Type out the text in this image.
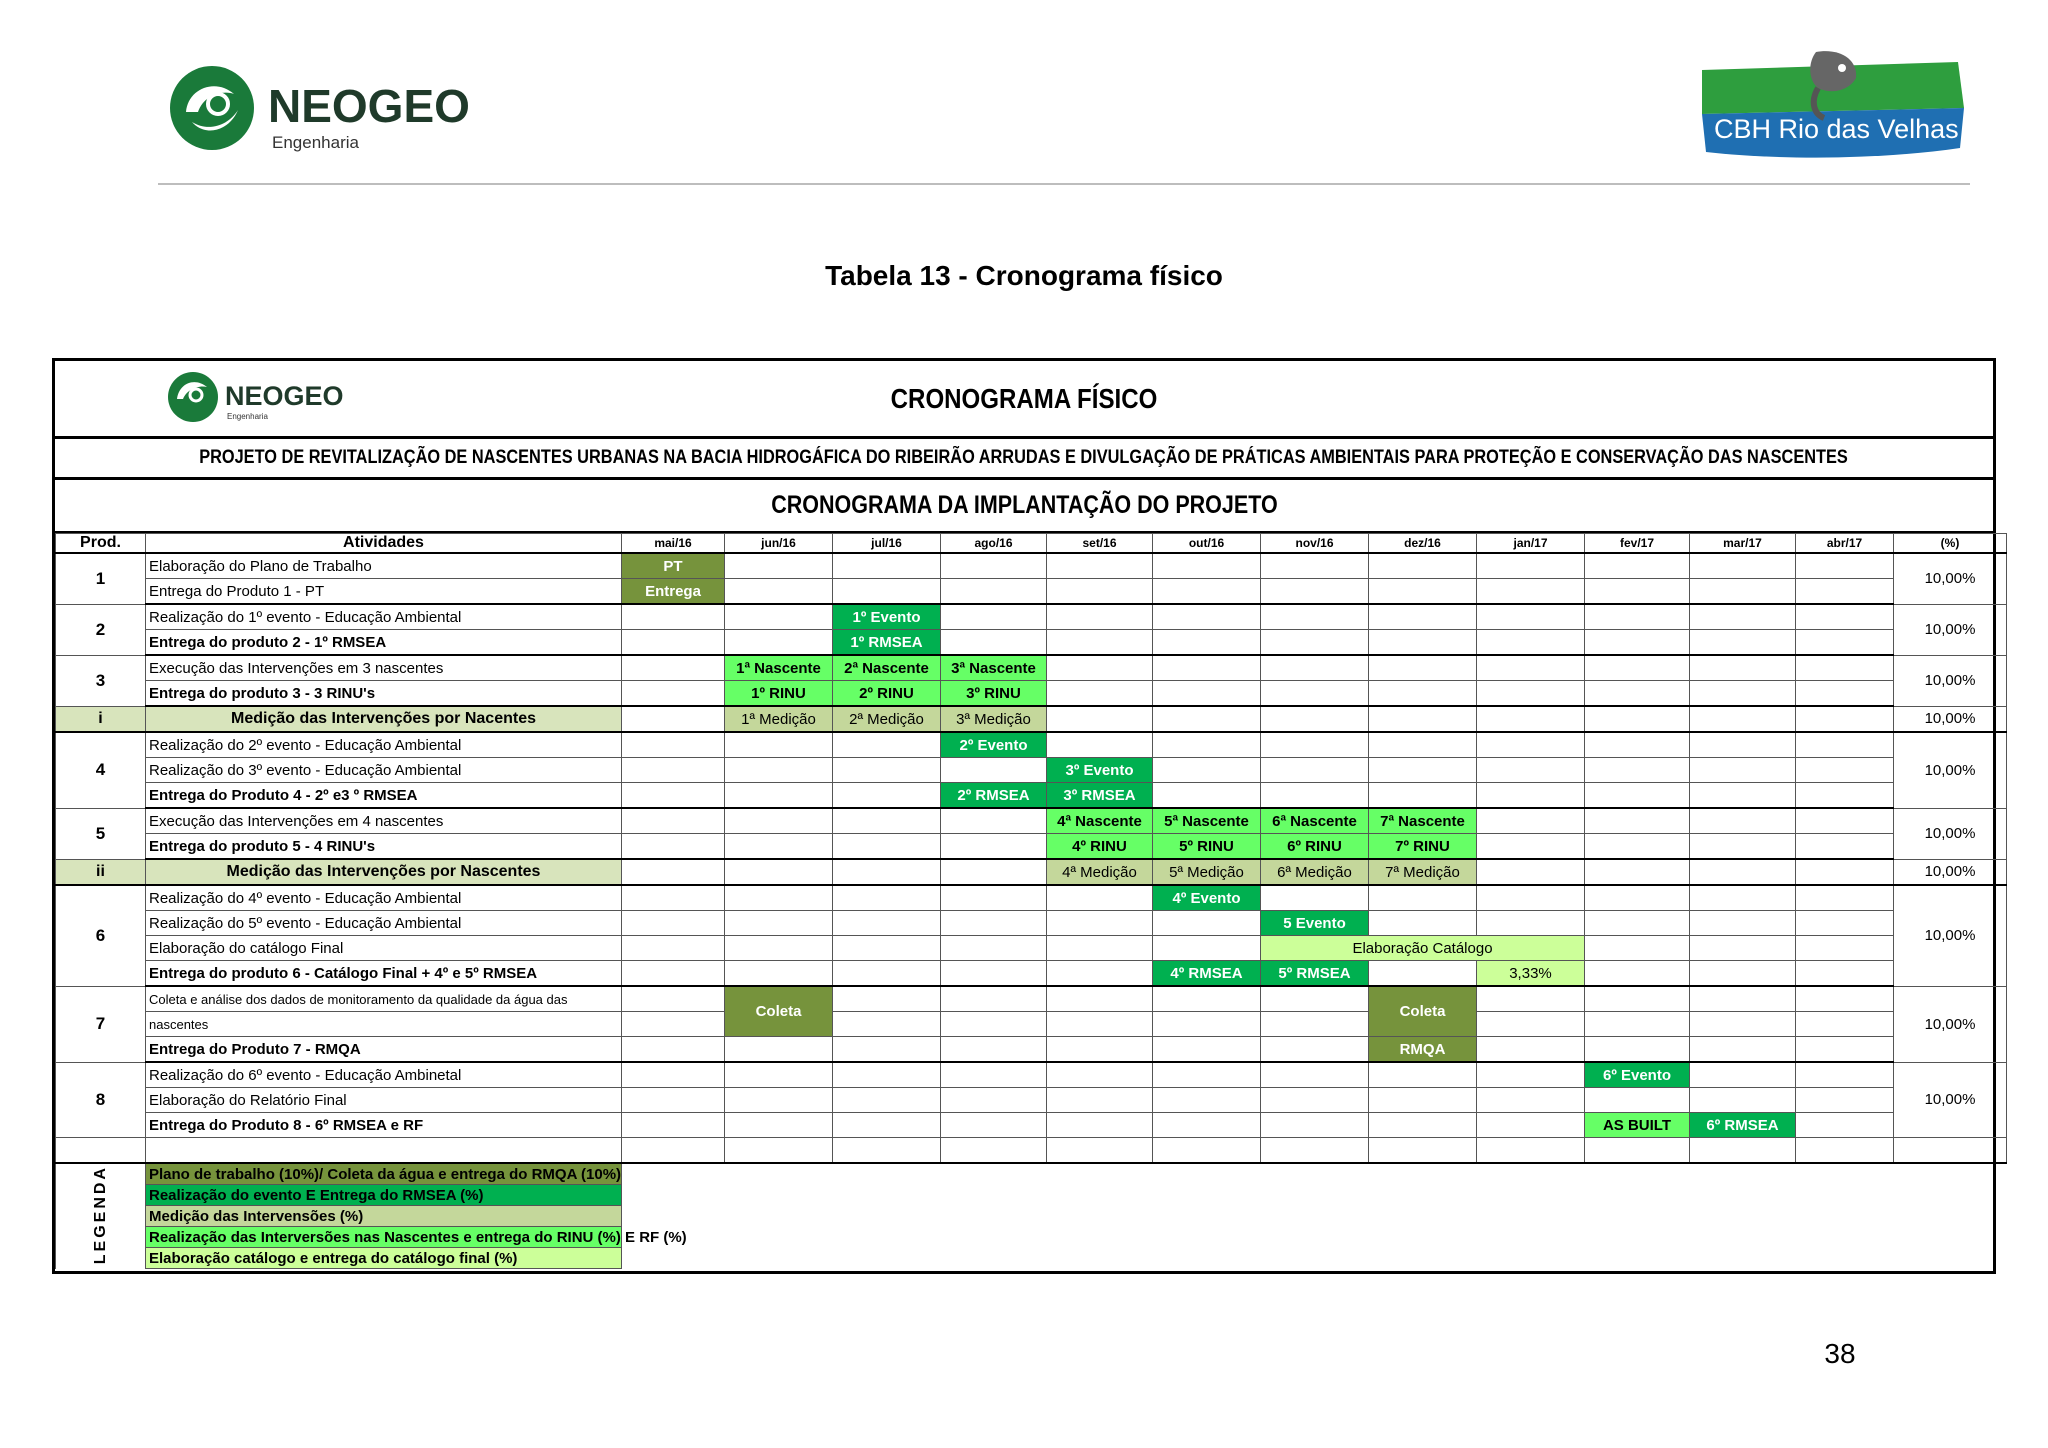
NEOGEO
Engenharia	CBH Rio das Velhas
Tabela 13 - Cronograma físico
NEOGEO
Engenharia
CRONOGRAMA FÍSICO
PROJETO DE REVITALIZAÇÃO DE NASCENTES URBANAS NA BACIA HIDROGÁFICA DO RIBEIRÃO ARRUDAS E DIVULGAÇÃO DE PRÁTICAS AMBIENTAIS PARA PROTEÇÃO E CONSERVAÇÃO DAS NASCENTES
CRONOGRAMA DA IMPLANTAÇÃO DO PROJETO
Prod.	Atividades	mai/16	jun/16	jul/16	ago/16	set/16	out/16	nov/16	dez/16	jan/17	fev/17	mar/17	abr/17	(%)
1	Elaboração do Plano de Trabalho	PT												10,00%
	Entrega do Produto 1 - PT	Entrega												
2	Realização do 1º evento - Educação Ambiental			1º Evento										10,00%
	Entrega do produto 2 - 1º RMSEA			1º RMSEA										
3	Execução das Intervenções em 3 nascentes		1ª Nascente	2ª Nascente	3ª Nascente									10,00%
	Entrega do produto 3 - 3 RINU's		1º RINU	2º RINU	3º RINU									
i	Medição das Intervenções por Nacentes		1ª Medição	2ª Medição	3ª Medição									10,00%
4	Realização do 2º evento - Educação Ambiental				2º Evento									10,00%
	Realização do 3º evento - Educação Ambiental					3º Evento								
	Entrega do Produto 4 - 2º e3 º RMSEA				2º RMSEA	3º RMSEA								
5	Execução das Intervenções em 4 nascentes					4ª Nascente	5ª Nascente	6ª Nascente	7ª Nascente					10,00%
	Entrega do produto 5 - 4 RINU's					4º RINU	5º RINU	6º RINU	7º RINU					
ii	Medição das Intervenções por Nascentes					4ª Medição	5ª Medição	6ª Medição	7ª Medição					10,00%
6	Realização do 4º evento - Educação Ambiental						4º Evento							10,00%
	Realização do 5º evento - Educação Ambiental							5 Evento						
	Elaboração do catálogo Final							Elaboração Catálogo						
	Entrega do produto 6 - Catálogo Final + 4º e 5º RMSEA						4º RMSEA	5º RMSEA		3,33%				
7	Coleta e análise dos dados de monitoramento da qualidade da água das		Coleta						Coleta					10,00%
	nascentes													
	Entrega do Produto 7 - RMQA								RMQA					
8	Realização do 6º evento - Educação Ambinetal										6º Evento			10,00%
	Elaboração do Relatório Final													
	Entrega do Produto 8 - 6º RMSEA e RF										AS BUILT	6º RMSEA		

LEGENDA	Plano de trabalho (10%)/ Coleta da água e entrega do RMQA (10%)													
	Realização do evento E Entrega do RMSEA (%)													
	Medição das Intervensões (%)													
	Realização das Interversões nas Nascentes e entrega do RINU (%) E RF (%)													
	Elaboração catálogo e entrega do catálogo final (%)													
38
